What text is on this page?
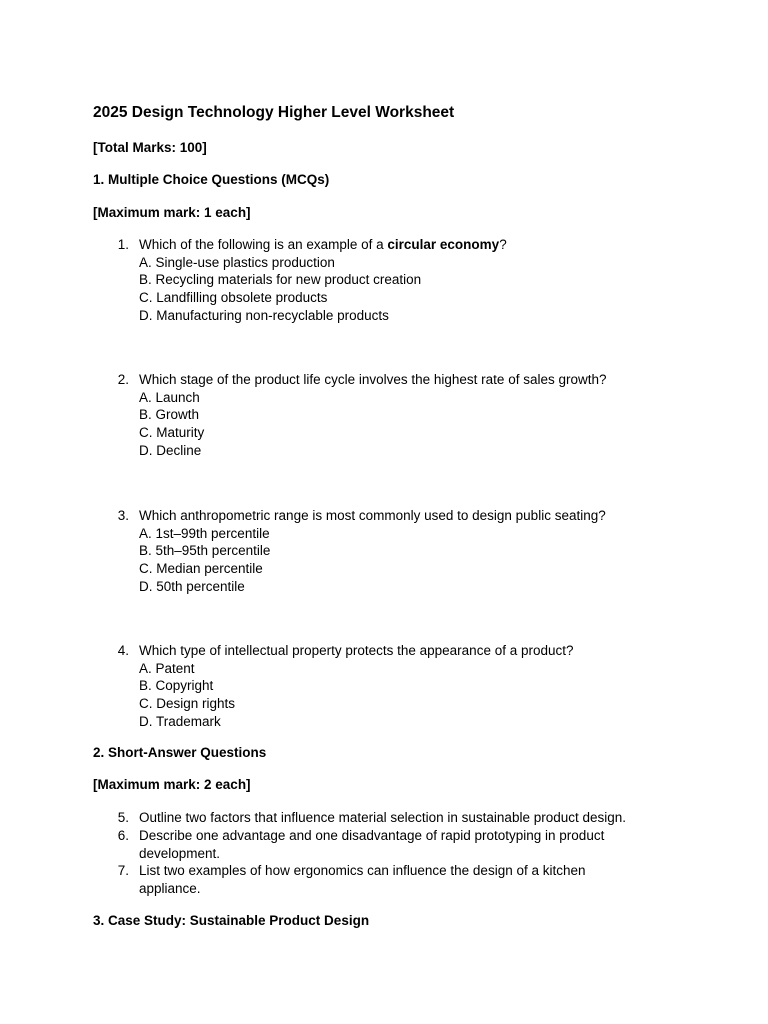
2025 Design Technology Higher Level Worksheet
[Total Marks: 100]
1. Multiple Choice Questions (MCQs)
[Maximum mark: 1 each]
1. Which of the following is an example of a circular economy?
A. Single-use plastics production
B. Recycling materials for new product creation
C. Landfilling obsolete products
D. Manufacturing non-recyclable products
2. Which stage of the product life cycle involves the highest rate of sales growth?
A. Launch
B. Growth
C. Maturity
D. Decline
3. Which anthropometric range is most commonly used to design public seating?
A. 1st–99th percentile
B. 5th–95th percentile
C. Median percentile
D. 50th percentile
4. Which type of intellectual property protects the appearance of a product?
A. Patent
B. Copyright
C. Design rights
D. Trademark
2. Short-Answer Questions
[Maximum mark: 2 each]
5. Outline two factors that influence material selection in sustainable product design.
6. Describe one advantage and one disadvantage of rapid prototyping in product development.
7. List two examples of how ergonomics can influence the design of a kitchen appliance.
3. Case Study: Sustainable Product Design
